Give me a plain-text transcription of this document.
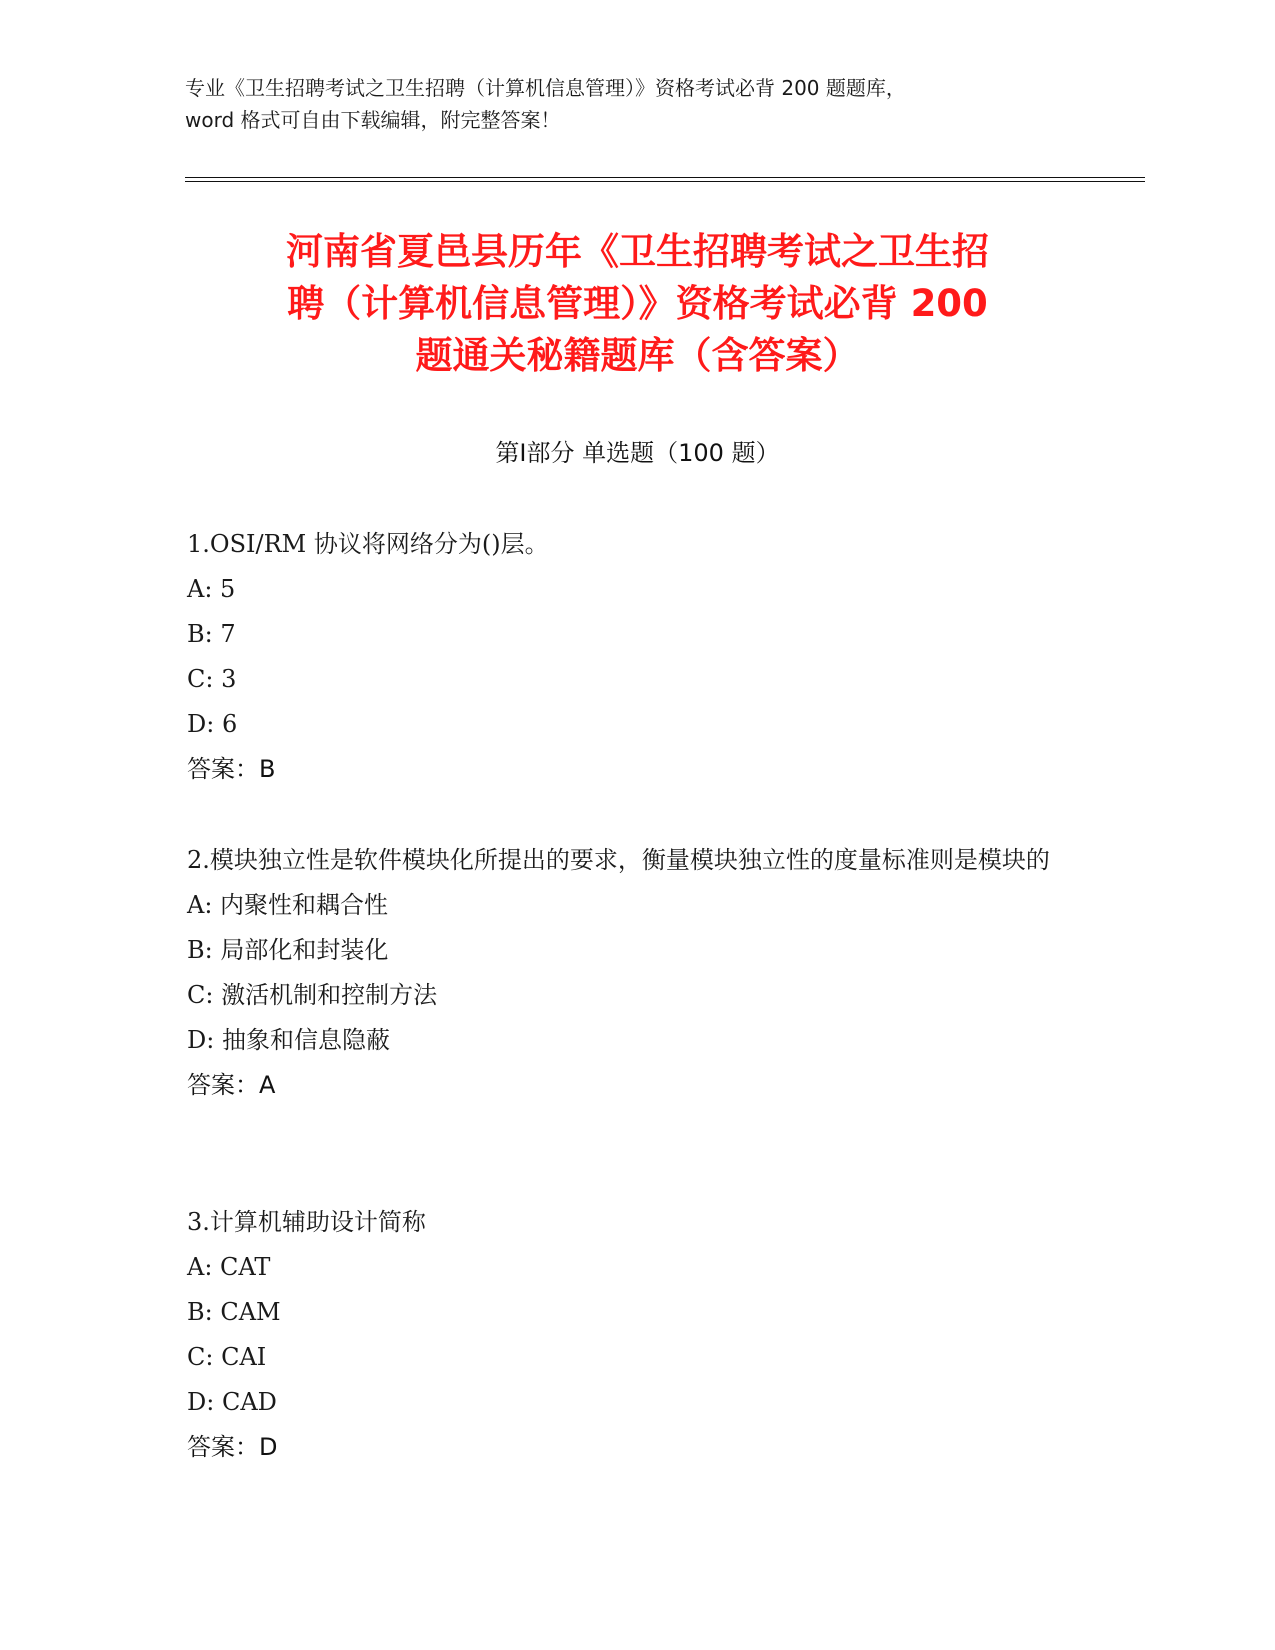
专业《卫生招聘考试之卫生招聘（计算机信息管理）》资格考试必背 200 题题库，
word 格式可自由下载编辑，附完整答案！
河南省夏邑县历年《卫生招聘考试之卫生招
聘（计算机信息管理）》资格考试必背 200
题通关秘籍题库（含答案）
第Ⅰ部分 单选题（100 题）

1.OSI/RM 协议将网络分为()层。

A: 5

B: 7

C: 3

D: 6

答案：B

2.模块独立性是软件模块化所提出的要求，衡量模块独立性的度量标准则是模块的

A: 内聚性和耦合性

B: 局部化和封装化

C: 激活机制和控制方法

D: 抽象和信息隐蔽

答案：A

3.计算机辅助设计简称

A: CAT

B: CAM

C: CAI

D: CAD

答案：D
